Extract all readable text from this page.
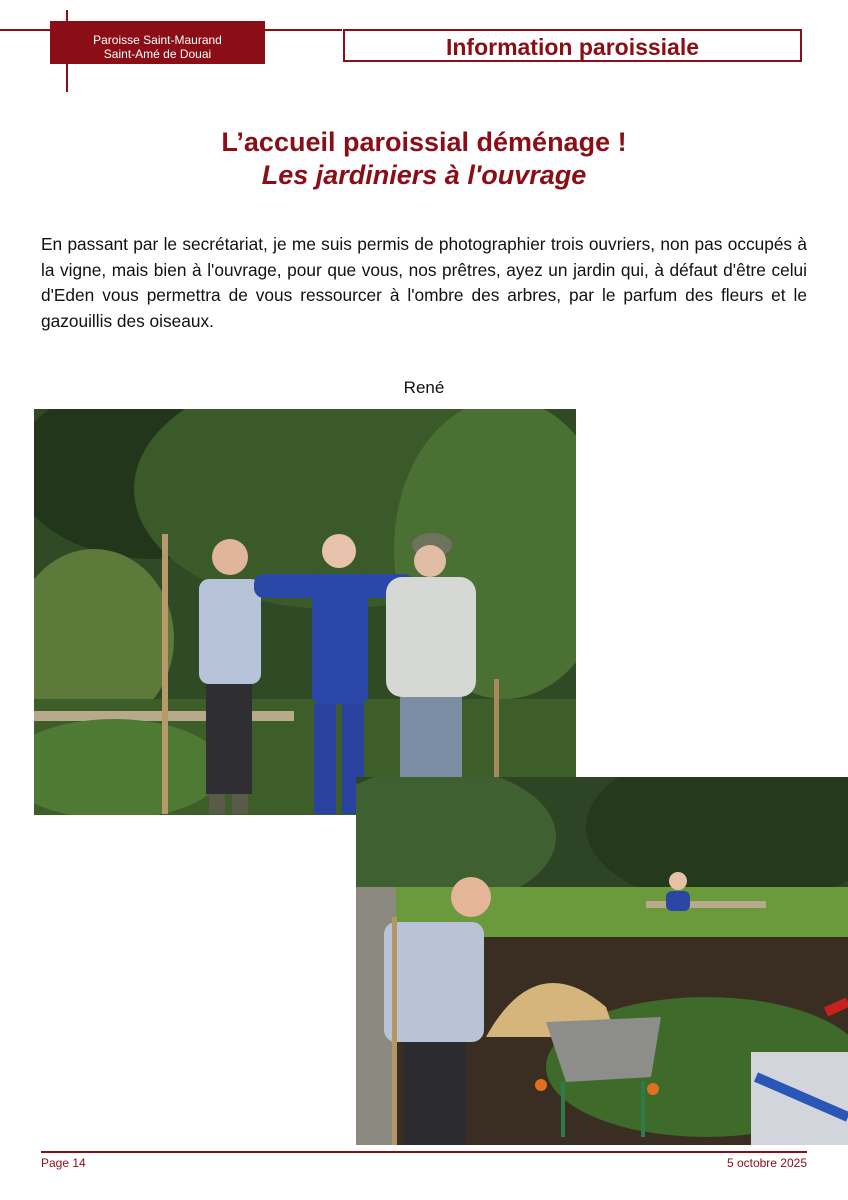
Paroisse Saint-Maurand
Saint-Amé de Douai	Information paroissiale
L’accueil paroissial déménage !
Les jardiniers à l'ouvrage
En passant par le secrétariat, je me suis permis de photographier trois ouvriers, non pas occupés à la vigne, mais bien à l'ouvrage, pour que vous, nos prêtres, ayez un jardin qui, à défaut d'être celui d'Eden vous permettra de vous ressourcer à l'ombre des arbres, par le parfum des fleurs et le gazouillis des oiseaux.
René
Page 14	5 octobre 2025
